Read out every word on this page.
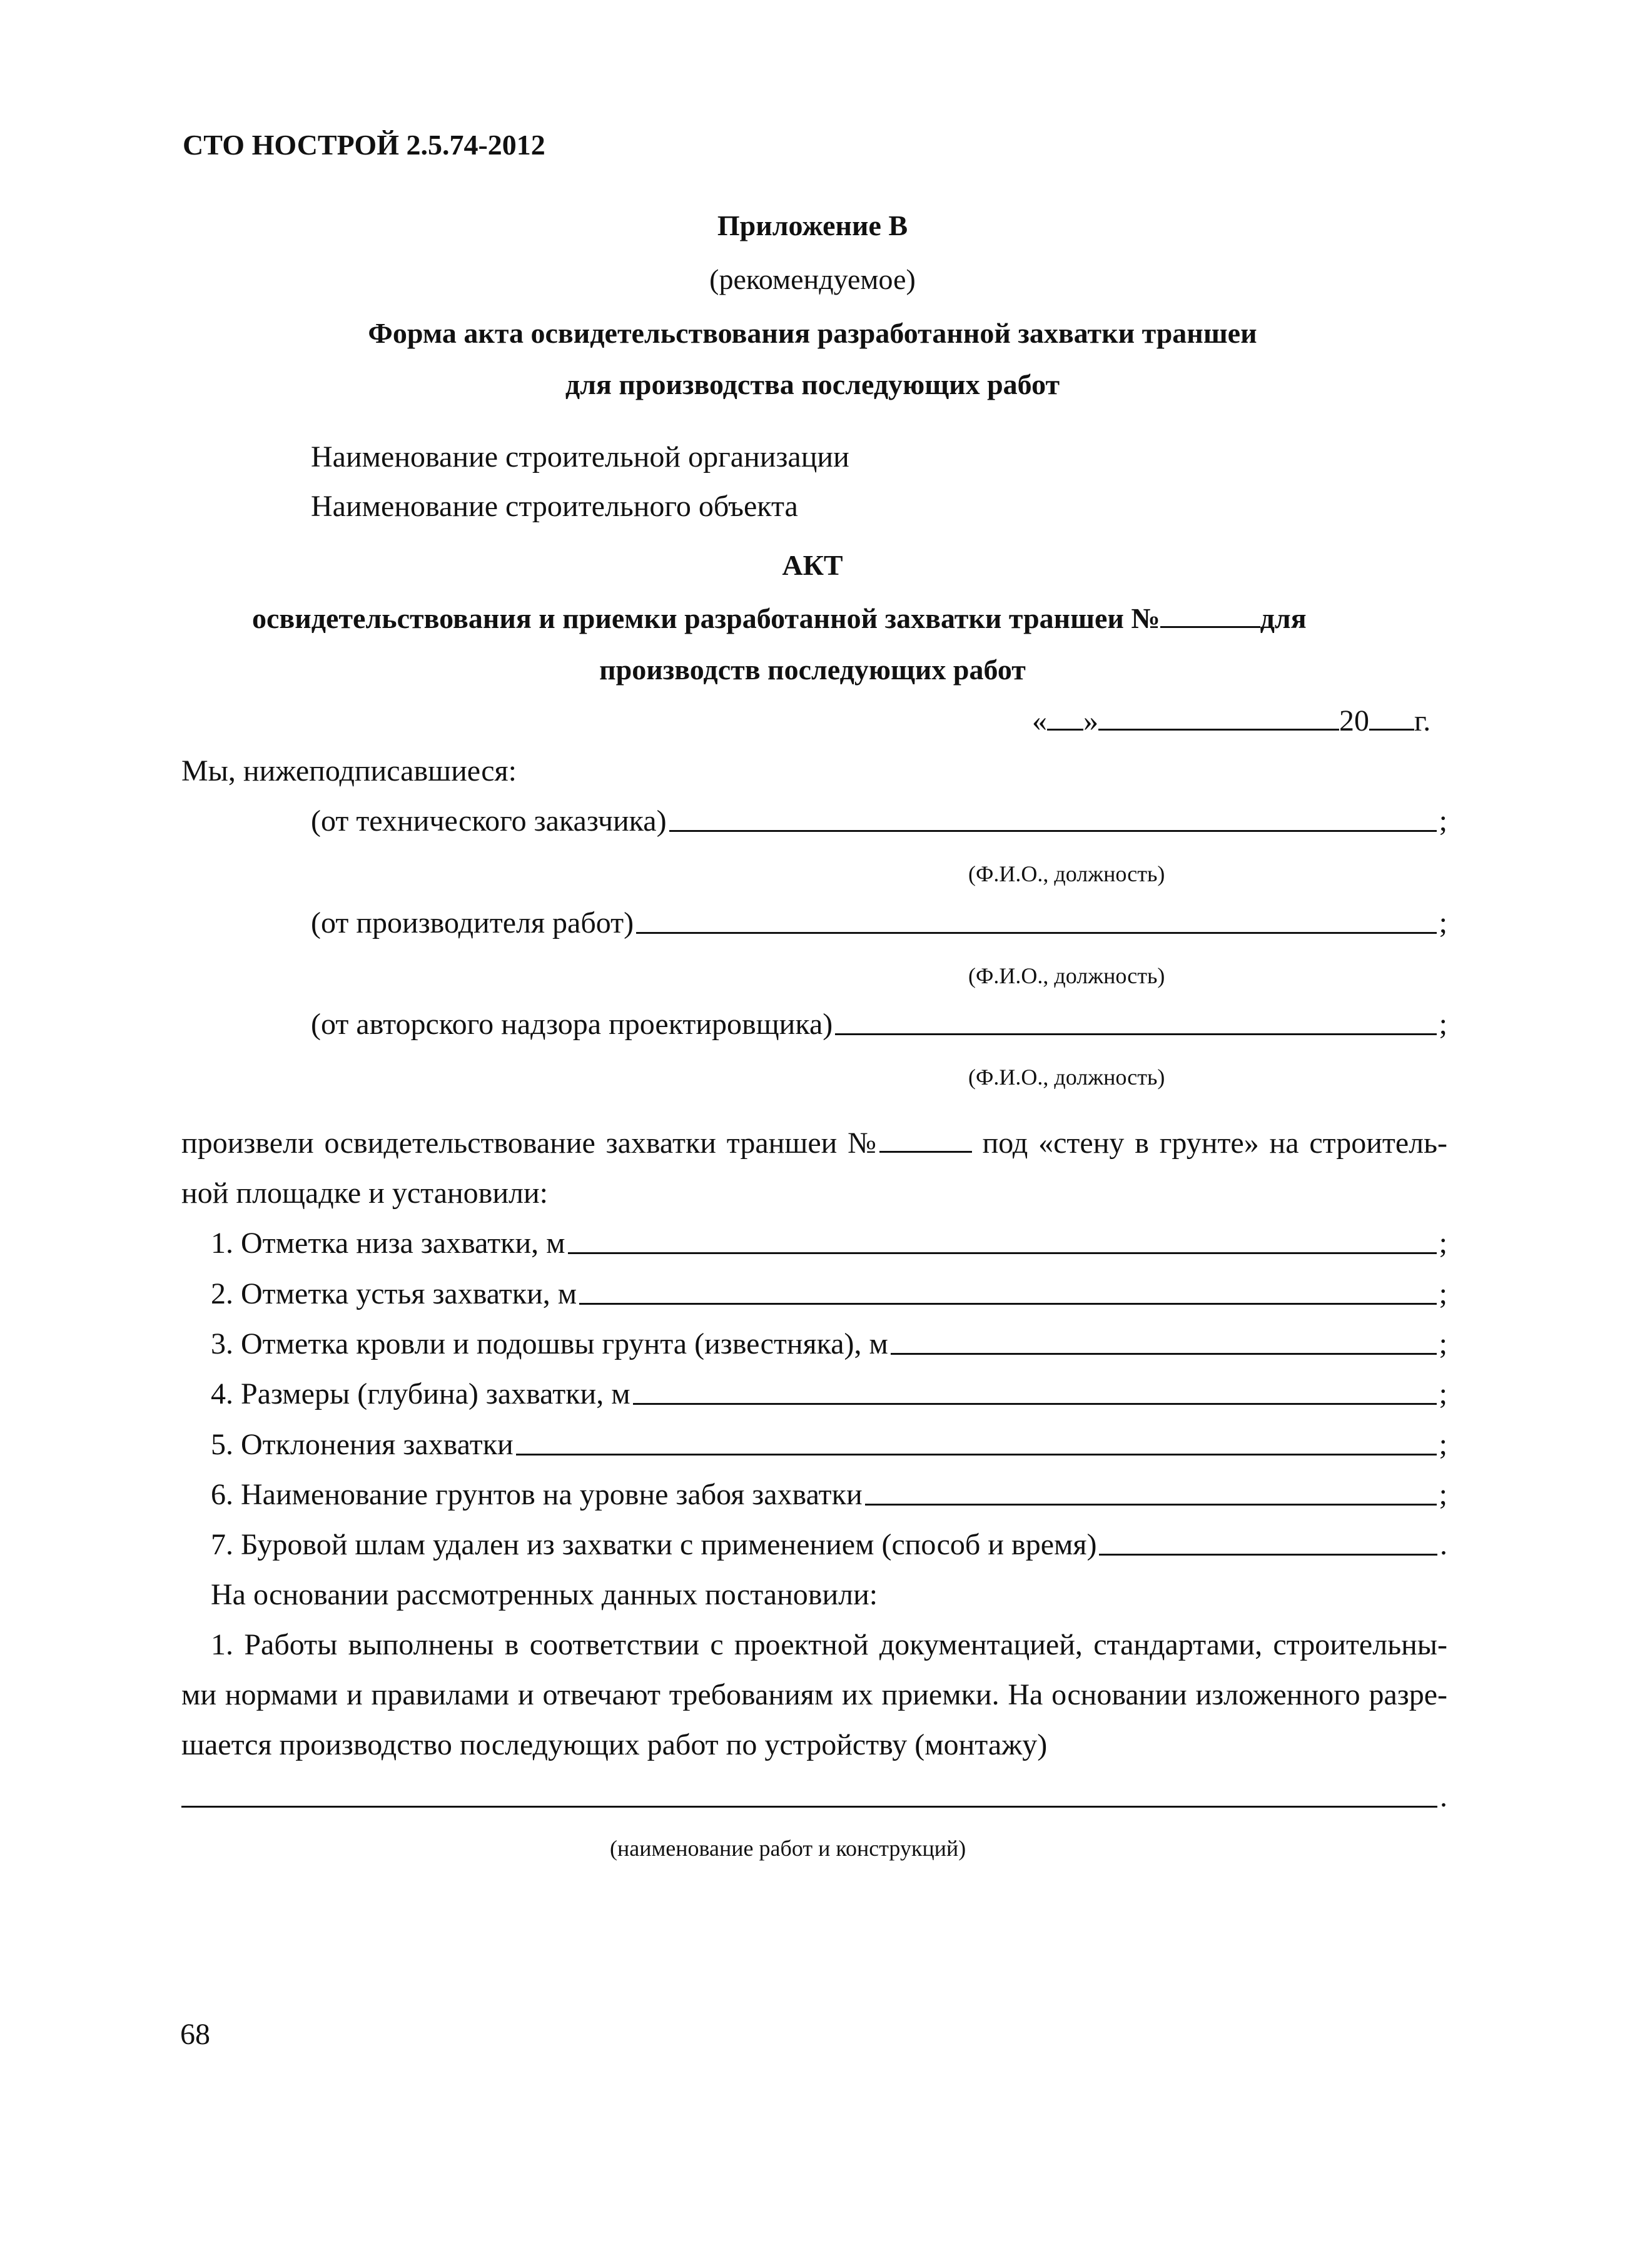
СТО НОСТРОЙ 2.5.74-2012
Приложение В
(рекомендуемое)
Форма акта освидетельствования разработанной захватки траншеи
для производства последующих работ
Наименование строительной организации
Наименование строительного объекта
АКТ
освидетельствования и приемки разработанной захватки траншеи №	для
производств последующих работ
« »	20 г.
Мы, нижеподписавшиеся:
(от технического заказчика)	;
(Ф.И.О., должность)
(от производителя работ)	;
(Ф.И.О., должность)
(от авторского надзора проектировщика)	;
(Ф.И.О., должность)
произвели освидетельствование захватки траншеи №	под «стену в грунте» на строитель-
ной площадке и установили:
1. Отметка низа захватки, м	;
2. Отметка устья захватки, м	;
3. Отметка кровли и подошвы грунта (известняка), м	;
4. Размеры (глубина) захватки, м	;
5. Отклонения захватки	;
6. Наименование грунтов на уровне забоя захватки	;
7. Буровой шлам удален из захватки с применением (способ и время)	.
На основании рассмотренных данных постановили:
1. Работы выполнены в соответствии с проектной документацией, стандартами, строительны-
ми нормами и правилами и отвечают требованиям их приемки. На основании изложенного разре-
шается производство последующих работ по устройству (монтажу)
.
(наименование работ и конструкций)
68
